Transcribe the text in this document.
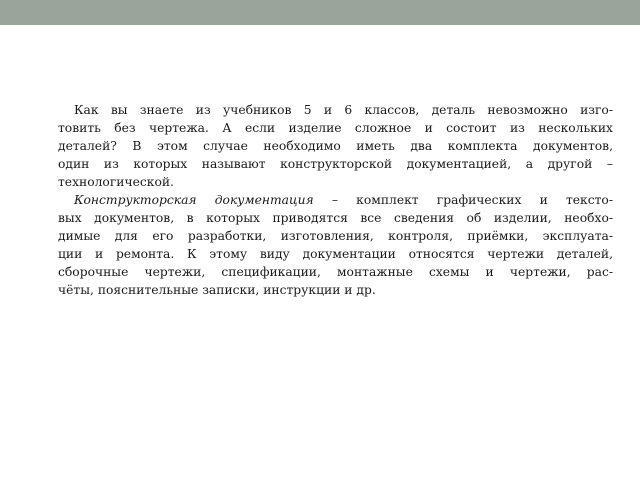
Как вы знаете из учебников 5 и 6 классов, деталь невозможно изго-
товить без чертежа. А если изделие сложное и состоит из нескольких
деталей? В этом случае необходимо иметь два комплекта документов,
один из которых называют конструкторской документацией, а другой –
технологической.
Конструкторская документация – комплект графических и тексто-
вых документов, в которых приводятся все сведения об изделии, необхо-
димые для его разработки, изготовления, контроля, приёмки, эксплуата-
ции и ремонта. К этому виду документации относятся чертежи деталей,
сборочные чертежи, спецификации, монтажные схемы и чертежи, рас-
чёты, пояснительные записки, инструкции и др.
